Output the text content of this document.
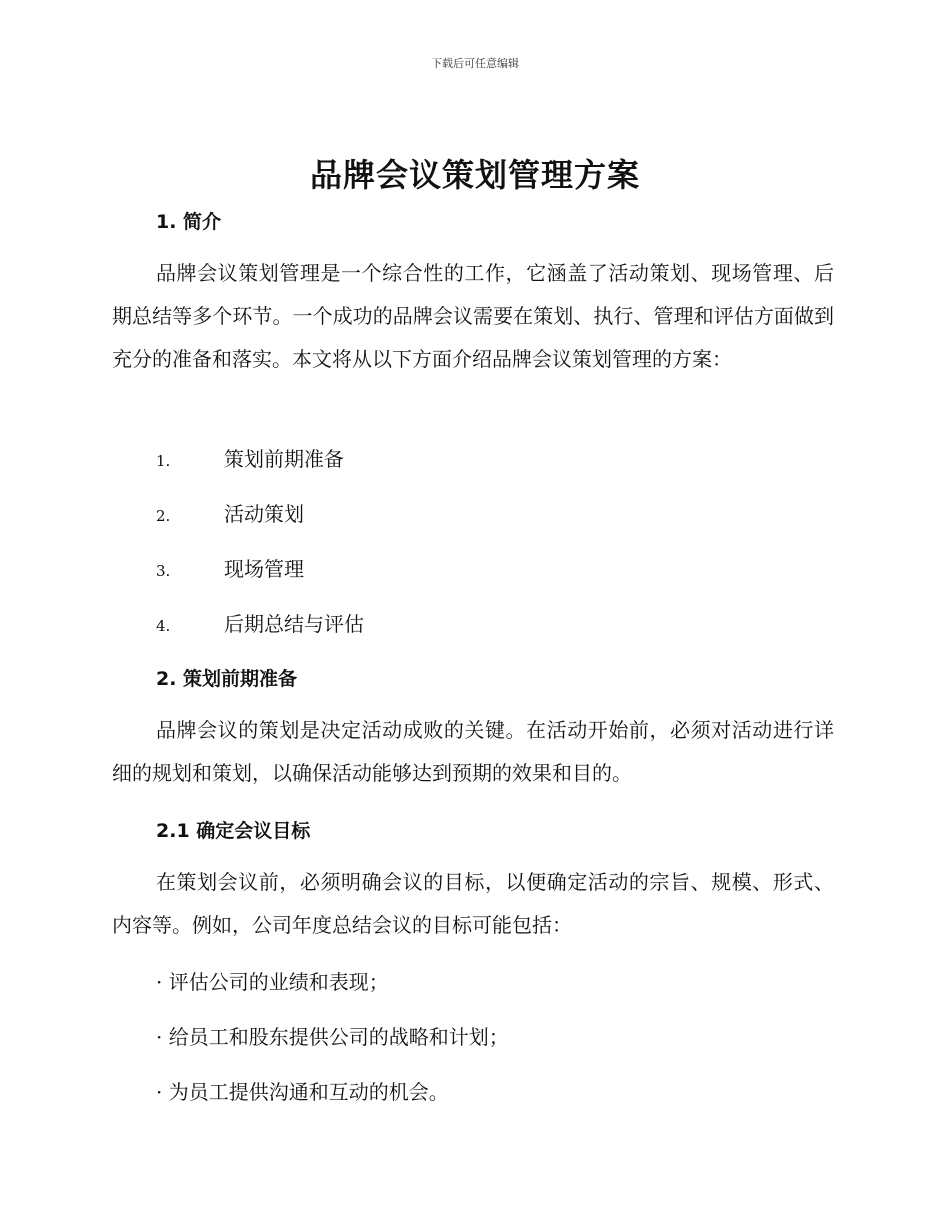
下载后可任意编辑
品牌会议策划管理方案
1. 简介

品牌会议策划管理是一个综合性的工作，它涵盖了活动策划、现场管理、后期总结等多个环节。一个成功的品牌会议需要在策划、执行、管理和评估方面做到充分的准备和落实。本文将从以下方面介绍品牌会议策划管理的方案：

1.	策划前期准备
2.	活动策划
3.	现场管理
4.	后期总结与评估
2. 策划前期准备

品牌会议的策划是决定活动成败的关键。在活动开始前，必须对活动进行详细的规划和策划，以确保活动能够达到预期的效果和目的。

2.1 确定会议目标

在策划会议前，必须明确会议的目标，以便确定活动的宗旨、规模、形式、内容等。例如，公司年度总结会议的目标可能包括：

· 评估公司的业绩和表现；
· 给员工和股东提供公司的战略和计划；
· 为员工提供沟通和互动的机会。
